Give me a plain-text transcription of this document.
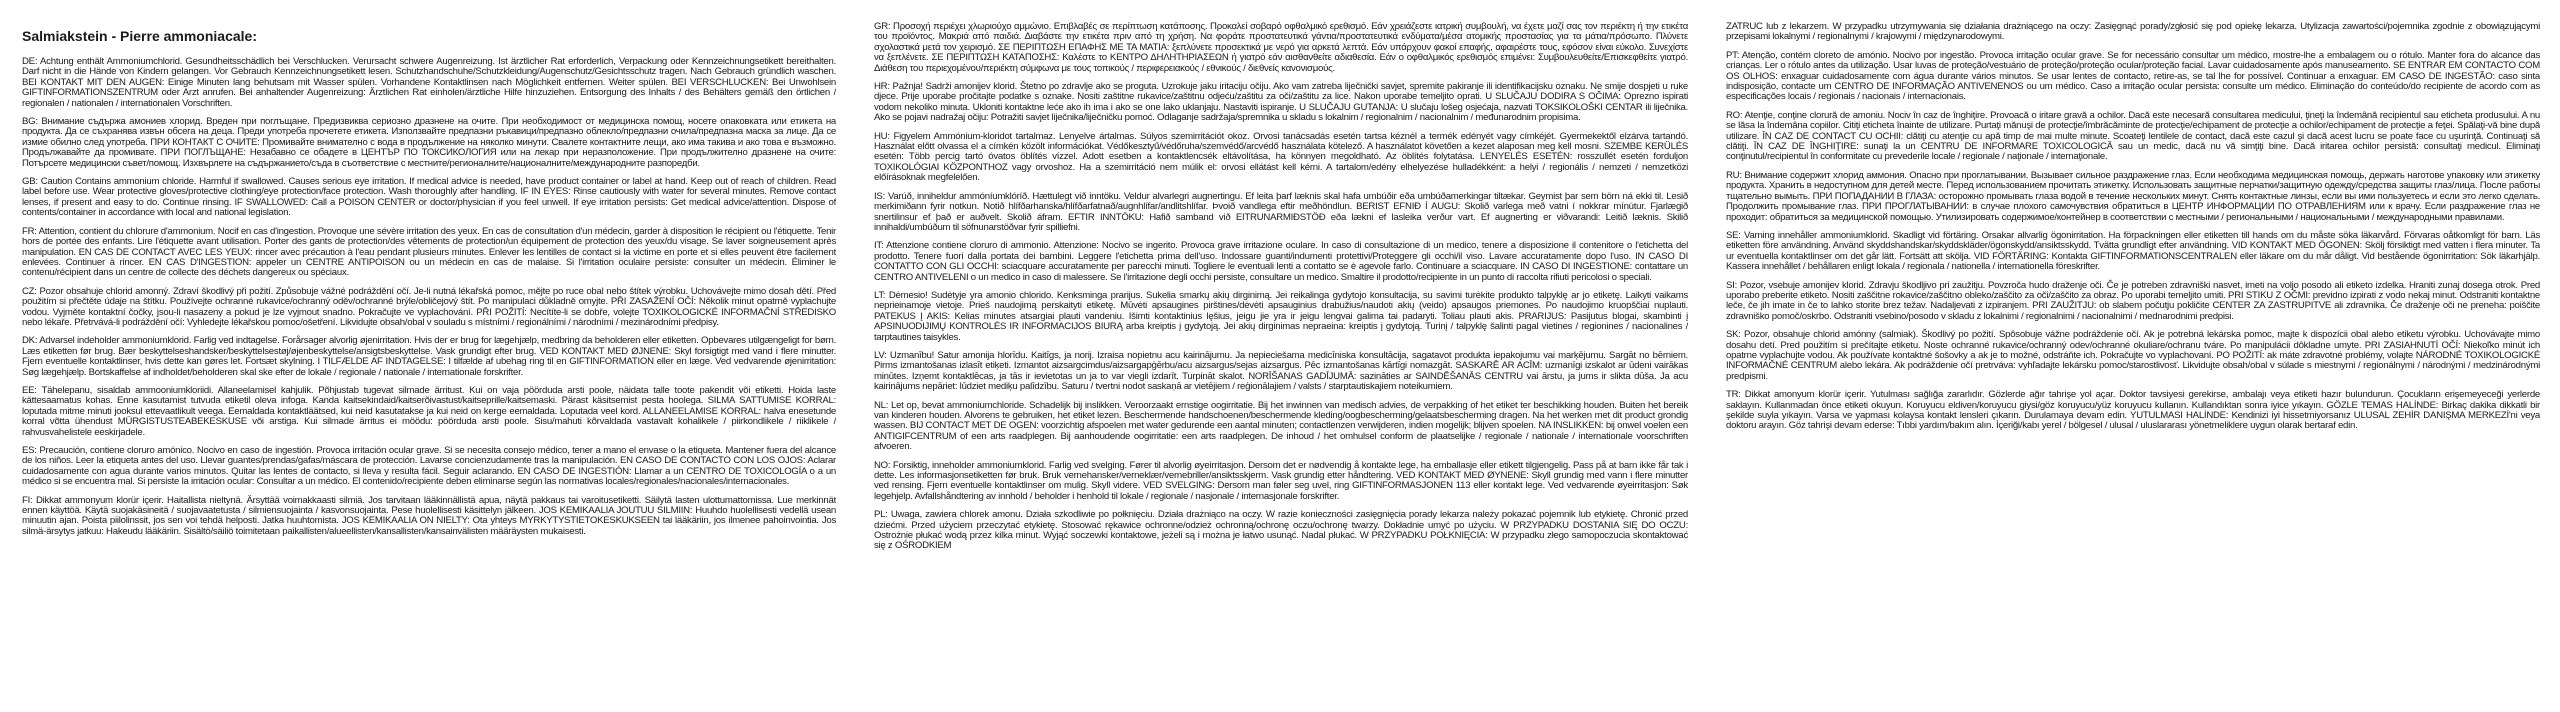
Salmiakstein - Pierre ammoniacale:

DE: Achtung enthält Ammoniumchlorid. Gesundheitsschädlich bei Verschlucken. Verursacht schwere Augenreizung. Ist ärztlicher Rat erforderlich, Verpackung oder Kennzeichnungsetikett bereithalten. Darf nicht in die Hände von Kindern gelangen. Vor Gebrauch Kennzeichnungsetikett lesen. Schutzhandschuhe/Schutzkleidung/Augenschutz/Gesichtsschutz tragen. Nach Gebrauch gründlich waschen. BEI KONTAKT MIT DEN AUGEN: Einige Minuten lang behutsam mit Wasser spülen. Vorhandene Kontaktlinsen nach Möglichkeit entfernen. Weiter spülen. BEI VERSCHLUCKEN: Bei Unwohlsein GIFTINFORMATIONSZENTRUM oder Arzt anrufen. Bei anhaltender Augenreizung: Ärztlichen Rat einholen/ärztliche Hilfe hinzuziehen. Entsorgung des Inhalts / des Behälters gemäß den örtlichen / regionalen / nationalen / internationalen Vorschriften.

BG: Внимание съдържа амониев хлорид. Вреден при поглъщане. Предизвиква сериозно дразнене на очите. При необходимост от медицинска помощ, носете опаковката или етикета на продукта. Да се съхранява извън обсега на деца. Преди употреба прочетете етикета. Използвайте предпазни ръкавици/предпазно облекло/предпазни очила/предпазна маска за лице. Да се измие обилно след употреба. ПРИ КОНТАКТ С ОЧИТЕ: Промивайте внимателно с вода в продължение на няколко минути. Свалете контактните лещи, ако има такива и ако това е възможно. Продължавайте да промивате. ПРИ ПОГЛЪЩАНЕ: Незабавно се обадете в ЦЕНТЪР ПО ТОКСИКОЛОГИЯ или на лекар при неразположение. При продължително дразнене на очите: Потърсете медицински съвет/помощ. Изхвърлете на съдържанието/съда в съответствие с местните/регионалните/националните/международните разпоредби.

GB: Caution Contains ammonium chloride. Harmful if swallowed. Causes serious eye irritation. If medical advice is needed, have product container or label at hand. Keep out of reach of children. Read label before use. Wear protective gloves/protective clothing/eye protection/face protection. Wash thoroughly after handling. IF IN EYES: Rinse cautiously with water for several minutes. Remove contact lenses, if present and easy to do. Continue rinsing. IF SWALLOWED: Call a POISON CENTER or doctor/physician if you feel unwell. If eye irritation persists: Get medical advice/attention. Dispose of contents/container in accordance with local and national legislation.

FR: Attention, contient du chlorure d'ammonium. Nocif en cas d'ingestion. Provoque une sévère irritation des yeux. En cas de consultation d'un médecin, garder à disposition le récipient ou l'étiquette. Tenir hors de portée des enfants. Lire l'étiquette avant utilisation. Porter des gants de protection/des vêtements de protection/un équipement de protection des yeux/du visage. Se laver soigneusement après manipulation. EN CAS DE CONTACT AVEC LES YEUX: rincer avec précaution à l'eau pendant plusieurs minutes. Enlever les lentilles de contact si la victime en porte et si elles peuvent être facilement enlevées. Continuer à rincer. EN CAS D'INGESTION: appeler un CENTRE ANTIPOISON ou un médecin en cas de malaise. Si l'irritation oculaire persiste: consulter un médecin. Éliminer le contenu/récipient dans un centre de collecte des déchets dangereux ou spéciaux.

CZ: Pozor obsahuje chlorid amonný. Zdraví škodlivý při požití. Způsobuje vážné podráždění očí. Je-li nutná lékařská pomoc, mějte po ruce obal nebo štítek výrobku. Uchovávejte mimo dosah dětí. Před použitím si přečtěte údaje na štítku. Používejte ochranné rukavice/ochranný oděv/ochranné brýle/obličejový štít. Po manipulaci důkladně omyjte. PŘI ZASAŽENÍ OČÍ: Několik minut opatrně vyplachujte vodou. Vyjměte kontaktní čočky, jsou-li nasazeny a pokud je lze vyjmout snadno. Pokračujte ve vyplachování. PŘI POŽITÍ: Necítíte-li se dobře, volejte TOXIKOLOGICKÉ INFORMAČNÍ STŘEDISKO nebo lékaře. Přetrvává-li podráždění očí: Vyhledejte lékařskou pomoc/ošetření. Likvidujte obsah/obal v souladu s místními / regionálními / národními / mezinárodními předpisy.

DK: Advarsel indeholder ammoniumklorid. Farlig ved indtagelse. Forårsager alvorlig øjenirritation. Hvis der er brug for lægehjælp, medbring da beholderen eller etiketten. Opbevares utilgængeligt for børn. Læs etiketten før brug. Bær beskyttelseshandsker/beskyttelsestøj/øjenbeskyttelse/ansigtsbeskyttelse. Vask grundigt efter brug. VED KONTAKT MED ØJNENE: Skyl forsigtigt med vand i flere minutter. Fjern eventuelle kontaktlinser, hvis dette kan gøres let. Fortsæt skylning. I TILFÆLDE AF INDTAGELSE: I tilfælde af ubehag ring til en GIFTINFORMATION eller en læge. Ved vedvarende øjenirritation: Søg lægehjælp. Bortskaffelse af indholdet/beholderen skal ske efter de lokale / regionale / nationale / internationale forskrifter.

EE: Tähelepanu, sisaldab ammooniumkloriidi. Allaneelamisel kahjulik. Põhjustab tugevat silmade ärritust. Kui on vaja pöörduda arsti poole, näidata talle toote pakendit või etiketti. Hoida laste kättesaamatus kohas. Enne kasutamist tutvuda etiketil oleva infoga. Kanda kaitsekindaid/kaitserõivastust/kaitseprille/kaitsemaski. Pärast käsitsemist pesta hoolega. SILMA SATTUMISE KORRAL: loputada mitme minuti jooksul ettevaatlikult veega. Eemaldada kontaktläätsed, kui neid kasutatakse ja kui neid on kerge eemaldada. Loputada veel kord. ALLANEELAMISE KORRAL: halva enesetunde korral võtta ühendust MÜRGISTUSTEABEKESKUSE või arstiga. Kui silmade ärritus ei möödu: pöörduda arsti poole. Sisu/mahuti kõrvaldada vastavalt kohalikele / piirkondlikele / riiklikele / rahvusvahelistele eeskirjadele.

ES: Precaución, contiene cloruro amónico. Nocivo en caso de ingestión. Provoca irritación ocular grave. Si se necesita consejo médico, tener a mano el envase o la etiqueta. Mantener fuera del alcance de los niños. Leer la etiqueta antes del uso. Llevar guantes/prendas/gafas/máscara de protección. Lavarse concienzudamente tras la manipulación. EN CASO DE CONTACTO CON LOS OJOS: Aclarar cuidadosamente con agua durante varios minutos. Quitar las lentes de contacto, si lleva y resulta fácil. Seguir aclarando. EN CASO DE INGESTIÓN: Llamar a un CENTRO DE TOXICOLOGÍA o a un médico si se encuentra mal. Si persiste la irritación ocular: Consultar a un médico. El contenido/recipiente deben eliminarse según las normativas locales/regionales/nacionales/internacionales.

FI: Dikkat ammonyum klorür içerir. Haitallista nieltynä. Ärsyttää voimakkaasti silmiä. Jos tarvitaan lääkinnällistä apua, näytä pakkaus tai varoitusetiketti. Säilytä lasten ulottumattomissa. Lue merkinnät ennen käyttöä. Käytä suojakäsineitä / suojavaatetusta / silmiensuojainta / kasvonsuojainta. Pese huolellisesti käsittelyn jälkeen. JOS KEMIKAALIA JOUTUU SILMIIN: Huuhdo huolellisesti vedellä usean minuutin ajan. Poista piilolinssit, jos sen voi tehdä helposti. Jatka huuhtomista. JOS KEMIKAALIA ON NIELTY: Ota yhteys MYRKYTYSTIETOKESKUKSEEN tai lääkäriin, jos ilmenee pahoinvointia. Jos silmä-ärsytys jatkuu: Hakeudu lääkäriin. Sisältö/säiliö toimitetaan paikallisten/alueellisten/kansallisten/kansainvälisten määräysten mukaisesti.

GR: Προσοχή περιέχει χλωριούχο αμμώνιο. Επιβλαβές σε περίπτωση κατάποσης. Προκαλεί σοβαρό οφθαλμικό ερεθισμό. Εάν χρειάζεστε ιατρική συμβουλή, να έχετε μαζί σας τον περιέκτη ή την ετικέτα του προϊόντος. Μακριά από παιδιά. Διαβάστε την ετικέτα πριν από τη χρήση. Να φοράτε προστατευτικά γάντια/προστατευτικά ενδύματα/μέσα ατομικής προστασίας για τα μάτια/πρόσωπο. Πλύνετε σχολαστικά μετά τον χειρισμό. ΣΕ ΠΕΡΙΠΤΩΣΗ ΕΠΑΦΗΣ ΜΕ ΤΑ ΜΑΤΙΑ: ξεπλύνετε προσεκτικά με νερό για αρκετά λεπτά. Εάν υπάρχουν φακοί επαφής, αφαιρέστε τους, εφόσον είναι εύκολο. Συνεχίστε να ξεπλένετε. ΣΕ ΠΕΡΙΠΤΩΣΗ ΚΑΤΑΠΟΣΗΣ: Καλέστε το ΚΕΝΤΡΟ ΔΗΛΗΤΗΡΙΑΣΕΩΝ ή γιατρό εάν αισθανθείτε αδιαθεσία. Εάν ο οφθαλμικός ερεθισμός επιμένει: Συμβουλευθείτε/Επισκεφθείτε γιατρό. Διάθεση του περιεχομένου/περιέκτη σύμφωνα με τους τοπικούς / περιφερειακούς / εθνικούς / διεθνείς κανονισμούς.

HR: Pažnja! Sadrži amonijev klorid. Štetno po zdravlje ako se proguta. Uzrokuje jaku iritaciju očiju. Ako vam zatreba liječnički savjet, spremite pakiranje ili identifikacijsku oznaku. Ne smije dospjeti u ruke djece. Prije uporabe pročitajte podatke s oznake. Nositi zaštitne rukavice/zaštitnu odjeću/zaštitu za oči/zaštitu za lice. Nakon uporabe temeljito oprati. U SLUČAJU DODIRA S OČIMA: Oprezno ispirati vodom nekoliko minuta. Ukloniti kontaktne leće ako ih ima i ako se one lako uklanjaju. Nastaviti ispiranje. U SLUČAJU GUTANJA: U slučaju lošeg osjećaja, nazvati TOKSIKOLOŠKI CENTAR ili liječnika. Ako se pojavi nadražaj očiju: Potražiti savjet liječnika/liječničku pomoć. Odlaganje sadržaja/spremnika u skladu s lokalnim / regionalnim / nacionalnim / međunarodnim propisima.

HU: Figyelem Ammónium-kloridot tartalmaz. Lenyelve ártalmas. Súlyos szemirritációt okoz. Orvosi tanácsadás esetén tartsa kéznél a termék edényét vagy címkéjét. Gyermekektől elzárva tartandó. Használat előtt olvassa el a címkén közölt információkat. Védőkesztyű/védőruha/szemvédő/arcvédő használata kötelező. A használatot követően a kezet alaposan meg kell mosni. SZEMBE KERÜLÉS esetén: Több percig tartó óvatos öblítés vízzel. Adott esetben a kontaktlencsék eltávolítása, ha könnyen megoldható. Az öblítés folytatása. LENYELÉS ESETÉN: rosszullét esetén forduljon TOXIKOLÓGIAI KÖZPONTHOZ vagy orvoshoz. Ha a szemirritáció nem múlik el: orvosi ellátást kell kérni. A tartalom/edény elhelyezése hulladékként: a helyi / regionális / nemzeti / nemzetközi előírásoknak megfelelően.

IS: Varúð, inniheldur ammóníumklóríð. Hættulegt við inntöku. Veldur alvarlegri augnertingu. Ef leita þarf læknis skal hafa umbúðir eða umbúðamerkingar tiltækar. Geymist þar sem börn ná ekki til. Lesið merkimiðann fyrir notkun. Notið hlífðarhanska/hlífðarfatnað/augnhlífar/andlitshlífar. Þvoið vandlega eftir meðhöndlun. BERIST EFNIÐ Í AUGU: Skolið varlega með vatni í nokkrar mínútur. Fjarlægið snertilinsur ef það er auðvelt. Skolið áfram. EFTIR INNTÖKU: Hafið samband við EITRUNARMIÐSTÖÐ eða lækni ef lasleika verður vart. Ef augnerting er viðvarandi: Leitið læknis. Skilið innihaldi/umbúðum til söfnunarstöðvar fyrir spilliefni.

IT: Attenzione contiene cloruro di ammonio. Attenzione: Nocivo se ingerito. Provoca grave irritazione oculare. In caso di consultazione di un medico, tenere a disposizione il contenitore o l'etichetta del prodotto. Tenere fuori dalla portata dei bambini. Leggere l'etichetta prima dell'uso. Indossare guanti/indumenti protettivi/Proteggere gli occhi/il viso. Lavare accuratamente dopo l'uso. IN CASO DI CONTATTO CON GLI OCCHI: sciacquare accuratamente per parecchi minuti. Togliere le eventuali lenti a contatto se è agevole farlo. Continuare a sciacquare. IN CASO DI INGESTIONE: contattare un CENTRO ANTIVELENI o un medico in caso di malessere. Se l'irritazione degli occhi persiste, consultare un medico. Smaltire il prodotto/recipiente in un punto di raccolta rifiuti pericolosi o speciali.

LT: Dėmesio! Sudėtyje yra amonio chlorido. Kenksminga prarijus. Sukelia smarkų akių dirginimą. Jei reikalinga gydytojo konsultacija, su savimi turėkite produkto talpyklę ar jo etiketę. Laikyti vaikams neprieinamoje vietoje. Prieš naudojimą perskaityti etiketę. Mūvėti apsaugines pirštines/dėvėti apsauginius drabužius/naudoti akių (veido) apsaugos priemones. Po naudojimo kruopščiai nuplauti. PATEKUS Į AKIS: Kelias minutes atsargiai plauti vandeniu. Išimti kontaktinius lęšius, jeigu jie yra ir jeigu lengvai galima tai padaryti. Toliau plauti akis. PRARIJUS: Pasijutus blogai, skambinti į APSINUODIJIMŲ KONTROLĖS IR INFORMACIJOS BIURĄ arba kreiptis į gydytoją. Jei akių dirginimas nepraeina: kreiptis į gydytoją. Turinį / talpyklę šalinti pagal vietines / regionines / nacionalines / tarptautines taisykles.

LV: Uzmanību! Satur amonija hlorīdu. Kaitīgs, ja norij. Izraisa nopietnu acu kairinājumu. Ja nepieciešama medicīniska konsultācija, sagatavot produkta iepakojumu vai marķējumu. Sargāt no bērniem. Pirms izmantošanas izlasīt etiķeti. Izmantot aizsargcimdus/aizsargapģērbu/acu aizsargus/sejas aizsargus. Pēc izmantošanas kārtīgi nomazgāt. SASKARĒ AR ACĪM: uzmanīgi izskalot ar ūdeni vairākas minūtes. Izņemt kontaktlēcas, ja tās ir ievietotas un ja to var viegli izdarīt. Turpināt skalot. NORĪŠANAS GADĪJUMĀ: sazināties ar SAINDĒŠANĀS CENTRU vai ārstu, ja jums ir slikta dūša. Ja acu kairinājums nepāriet: lūdziet mediķu palīdzību. Saturu / tvertni nodot saskaņā ar vietējiem / reģionālajiem / valsts / starptautiskajiem noteikumiem.

NL: Let op, bevat ammoniumchloride. Schadelijk bij inslikken. Veroorzaakt ernstige oogirritatie. Bij het inwinnen van medisch advies, de verpakking of het etiket ter beschikking houden. Buiten het bereik van kinderen houden. Alvorens te gebruiken, het etiket lezen. Beschermende handschoenen/beschermende kleding/oogbescherming/gelaatsbescherming dragen. Na het werken met dit product grondig wassen. BIJ CONTACT MET DE OGEN: voorzichtig afspoelen met water gedurende een aantal minuten; contactlenzen verwijderen, indien mogelijk; blijven spoelen. NA INSLIKKEN: bij onwel voelen een ANTIGIFCENTRUM of een arts raadplegen. Bij aanhoudende oogirritatie: een arts raadplegen. De inhoud / het omhulsel conform de plaatselijke / regionale / nationale / internationale voorschriften afvoeren.

NO: Forsiktig, inneholder ammoniumklorid. Farlig ved svelging. Fører til alvorlig øyeirritasjon. Dersom det er nødvendig å kontakte lege, ha emballasje eller etikett tilgjengelig. Pass på at barn ikke får tak i dette. Les informasjonsetiketten før bruk. Bruk vernehansker/verneklær/vernebriller/ansiktsskjerm. Vask grundig etter håndtering. VED KONTAKT MED ØYNENE: Skyll grundig med vann i flere minutter ved rensing. Fjern eventuelle kontaktlinser om mulig. Skyll videre. VED SVELGING: Dersom man føler seg uvel, ring GIFTINFORMASJONEN 113 eller kontakt lege. Ved vedvarende øyeirritasjon: Søk legehjelp. Avfallshåndtering av innhold / beholder i henhold til lokale / regionale / nasjonale / internasjonale forskrifter.

PL: Uwaga, zawiera chlorek amonu. Działa szkodliwie po połknięciu. Działa drażniąco na oczy. W razie konieczności zasięgnięcia porady lekarza należy pokazać pojemnik lub etykietę. Chronić przed dziećmi. Przed użyciem przeczytać etykietę. Stosować rękawice ochronne/odzież ochronną/ochronę oczu/ochronę twarzy. Dokładnie umyć po użyciu. W PRZYPADKU DOSTANIA SIĘ DO OCZU: Ostrożnie płukać wodą przez kilka minut. Wyjąć soczewki kontaktowe, jeżeli są i można je łatwo usunąć. Nadal płukać. W PRZYPADKU POŁKNIĘCIA: W przypadku złego samopoczucia skontaktować się z OŚRODKIEM

ZATRUĆ lub z lekarzem. W przypadku utrzymywania się działania drażniącego na oczy: Zasięgnąć porady/zgłosić się pod opiekę lekarza. Utylizacja zawartości/pojemnika zgodnie z obowiązującymi przepisami lokalnymi / regionalnymi / krajowymi / międzynarodowymi.

PT: Atenção, contém cloreto de amónio. Nocivo por ingestão. Provoca irritação ocular grave. Se for necessário consultar um médico, mostre-lhe a embalagem ou o rótulo. Manter fora do alcance das crianças. Ler o rótulo antes da utilização. Usar luvas de proteção/vestuário de proteção/proteção ocular/proteção facial. Lavar cuidadosamente após manuseamento. SE ENTRAR EM CONTACTO COM OS OLHOS: enxaguar cuidadosamente com água durante vários minutos. Se usar lentes de contacto, retire-as, se tal lhe for possível. Continuar a enxaguar. EM CASO DE INGESTÃO: caso sinta indisposição, contacte um CENTRO DE INFORMAÇÃO ANTIVENENOS ou um médico. Caso a irritação ocular persista: consulte um médico. Eliminação do conteúdo/do recipiente de acordo com as especificações locais / regionais / nacionais / internacionais.

RO: Atenţie, conţine clorură de amoniu. Nociv în caz de înghiţire. Provoacă o iritare gravă a ochilor. Dacă este necesară consultarea medicului, ţineţi la îndemână recipientul sau eticheta produsului. A nu se lăsa la îndemâna copiilor. Citiţi eticheta înainte de utilizare. Purtaţi mănuşi de protecţie/îmbrăcăminte de protecţie/echipament de protecţie a ochilor/echipament de protecţie a feţei. Spălaţi-vă bine după utilizare. ÎN CAZ DE CONTACT CU OCHII: clătiţi cu atenţie cu apă timp de mai multe minute. Scoateţi lentilele de contact, dacă este cazul şi dacă acest lucru se poate face cu uşurinţă. Continuaţi să clătiţi. ÎN CAZ DE ÎNGHIŢIRE: sunaţi la un CENTRU DE INFORMARE TOXICOLOGICĂ sau un medic, dacă nu vă simţiţi bine. Dacă iritarea ochilor persistă: consultaţi medicul. Eliminaţi conţinutul/recipientul în conformitate cu prevederile locale / regionale / naţionale / internaţionale.

RU: Внимание содержит хлорид аммония. Опасно при проглатывании. Вызывает сильное раздражение глаз. Если необходима медицинская помощь, держать наготове упаковку или этикетку продукта. Хранить в недоступном для детей месте. Перед использованием прочитать этикетку. Использовать защитные перчатки/защитную одежду/средства защиты глаз/лица. После работы тщательно вымыть. ПРИ ПОПАДАНИИ В ГЛАЗА: осторожно промывать глаза водой в течение нескольких минут. Снять контактные линзы, если вы ими пользуетесь и если это легко сделать. Продолжить промывание глаз. ПРИ ПРОГЛАТЫВАНИИ: в случае плохого самочувствия обратиться в ЦЕНТР ИНФОРМАЦИИ ПО ОТРАВЛЕНИЯМ или к врачу. Если раздражение глаз не проходит: обратиться за медицинской помощью. Утилизировать содержимое/контейнер в соответствии с местными / региональными / национальными / международными правилами.

SE: Varning innehåller ammoniumklorid. Skadligt vid förtäring. Orsakar allvarlig ögonirritation. Ha förpackningen eller etiketten till hands om du måste söka läkarvård. Förvaras oåtkomligt för barn. Läs etiketten före användning. Använd skyddshandskar/skyddskläder/ögonskydd/ansiktsskydd. Tvätta grundligt efter användning. VID KONTAKT MED ÖGONEN: Skölj försiktigt med vatten i flera minuter. Ta ur eventuella kontaktlinser om det går lätt. Fortsätt att skölja. VID FÖRTÄRING: Kontakta GIFTINFORMATIONSCENTRALEN eller läkare om du mår dåligt. Vid bestående ögonirritation: Sök läkarhjälp. Kassera innehållet / behållaren enligt lokala / regionala / nationella / internationella föreskrifter.

SI: Pozor, vsebuje amonijev klorid. Zdravju škodljivo pri zaužitju. Povzroča hudo draženje oči. Če je potreben zdravniški nasvet, imeti na voljo posodo ali etiketo izdelka. Hraniti zunaj dosega otrok. Pred uporabo preberite etiketo. Nositi zaščitne rokavice/zaščitno obleko/zaščito za oči/zaščito za obraz. Po uporabi temeljito umiti. PRI STIKU Z OČMI: previdno izpirati z vodo nekaj minut. Odstraniti kontaktne leče, če jih imate in če to lahko storite brez težav. Nadaljevati z izpiranjem. PRI ZAUŽITJU: ob slabem počutju pokličite CENTER ZA ZASTRUPITVE ali zdravnika. Če draženje oči ne preneha: poiščite zdravniško pomoč/oskrbo. Odstraniti vsebino/posodo v skladu z lokalnimi / regionalnimi / nacionalnimi / mednarodnimi predpisi.

SK: Pozor, obsahuje chlorid amónny (salmiak). Škodlivý po požití. Spôsobuje vážne podráždenie očí. Ak je potrebná lekárska pomoc, majte k dispozícii obal alebo etiketu výrobku. Uchovávajte mimo dosahu detí. Pred použitím si prečítajte etiketu. Noste ochranné rukavice/ochranný odev/ochranné okuliare/ochranu tváre. Po manipulácii dôkladne umyte. PRI ZASIAHNUTÍ OČÍ: Niekoľko minút ich opatrne vyplachujte vodou. Ak používate kontaktné šošovky a ak je to možné, odstráňte ich. Pokračujte vo vyplachovaní. PO POŽITÍ: ak máte zdravotné problémy, volajte NÁRODNÉ TOXIKOLOGICKÉ INFORMAČNÉ CENTRUM alebo lekára. Ak podráždenie očí pretrváva: vyhľadajte lekársku pomoc/starostlivosť. Likvidujte obsah/obal v súlade s miestnymi / regionálnymi / národnými / medzinárodnými predpismi.

TR: Dikkat amonyum klorür içerir. Yutulması sağlığa zararlıdır. Gözlerde ağır tahrişe yol açar. Doktor tavsiyesi gerekirse, ambalajı veya etiketi hazır bulundurun. Çocukların erişemeyeceği yerlerde saklayın. Kullanmadan önce etiketi okuyun. Koruyucu eldiven/koruyucu giysi/göz koruyucu/yüz koruyucu kullanın. Kullandıktan sonra iyice yıkayın. GÖZLE TEMAS HALİNDE: Birkaç dakika dikkatli bir şekilde suyla yıkayın. Varsa ve yapması kolaysa kontakt lensleri çıkarın. Durulamaya devam edin. YUTULMASI HALİNDE: Kendinizi iyi hissetmiyorsanız ULUSAL ZEHİR DANIŞMA MERKEZİ'ni veya doktoru arayın. Göz tahrişi devam ederse: Tıbbi yardım/bakım alın. İçeriği/kabı yerel / bölgesel / ulusal / uluslararası yönetmeliklere uygun olarak bertaraf edin.
